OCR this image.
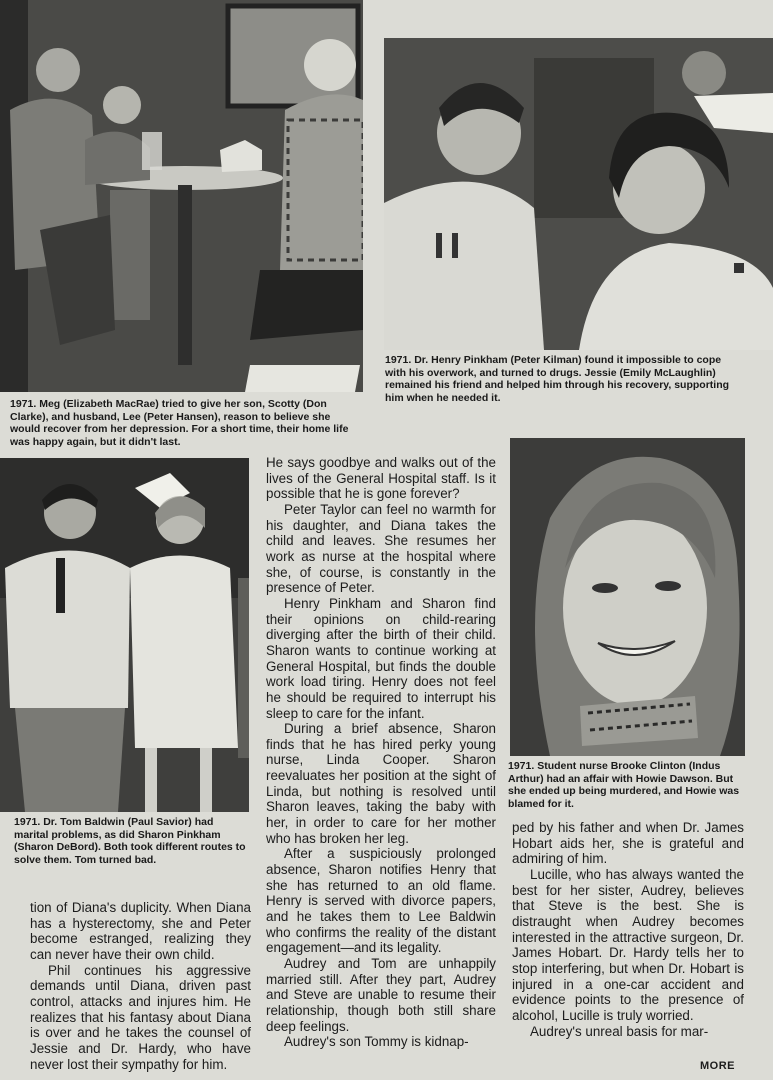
1971. Meg (Elizabeth MacRae) tried to give her son, Scotty (Don Clarke), and husband, Lee (Peter Hansen), reason to believe she would recover from her depression. For a short time, their home life was happy again, but it didn't last.

1971. Dr. Henry Pinkham (Peter Kilman) found it impossible to cope with his overwork, and turned to drugs. Jessie (Emily McLaughlin) remained his friend and helped him through his recovery, supporting him when he needed it.

1971. Dr. Tom Baldwin (Paul Savior) had marital problems, as did Sharon Pinkham (Sharon DeBord). Both took different routes to solve them. Tom turned bad.

1971. Student nurse Brooke Clinton (Indus Arthur) had an affair with Howie Dawson. But she ended up being murdered, and Howie was blamed for it.

tion of Diana's duplicity. When Diana has a hysterectomy, she and Peter become estranged, realizing they can never have their own child.

Phil continues his aggressive demands until Diana, driven past control, attacks and injures him. He realizes that his fantasy about Diana is over and he takes the counsel of Jessie and Dr. Hardy, who have never lost their sympathy for him.

He says goodbye and walks out of the lives of the General Hospital staff. Is it possible that he is gone forever?

Peter Taylor can feel no warmth for his daughter, and Diana takes the child and leaves. She resumes her work as nurse at the hospital where she, of course, is constantly in the presence of Peter.

Henry Pinkham and Sharon find their opinions on child-rearing diverging after the birth of their child. Sharon wants to continue working at General Hospital, but finds the double work load tiring. Henry does not feel he should be required to interrupt his sleep to care for the infant.

During a brief absence, Sharon finds that he has hired perky young nurse, Linda Cooper. Sharon reevaluates her position at the sight of Linda, but nothing is resolved until Sharon leaves, taking the baby with her, in order to care for her mother who has broken her leg.

After a suspiciously prolonged absence, Sharon notifies Henry that she has returned to an old flame. Henry is served with divorce papers, and he takes them to Lee Baldwin who confirms the reality of the distant engagement—and its legality.

Audrey and Tom are unhappily married still. After they part, Audrey and Steve are unable to resume their relationship, though both still share deep feelings.

Audrey's son Tommy is kidnap-

ped by his father and when Dr. James Hobart aids her, she is grateful and admiring of him.

Lucille, who has always wanted the best for her sister, Audrey, believes that Steve is the best. She is distraught when Audrey becomes interested in the attractive surgeon, Dr. James Hobart. Dr. Hardy tells her to stop interfering, but when Dr. Hobart is injured in a one-car accident and evidence points to the presence of alcohol, Lucille is truly worried.

Audrey's unreal basis for mar-

MORE
